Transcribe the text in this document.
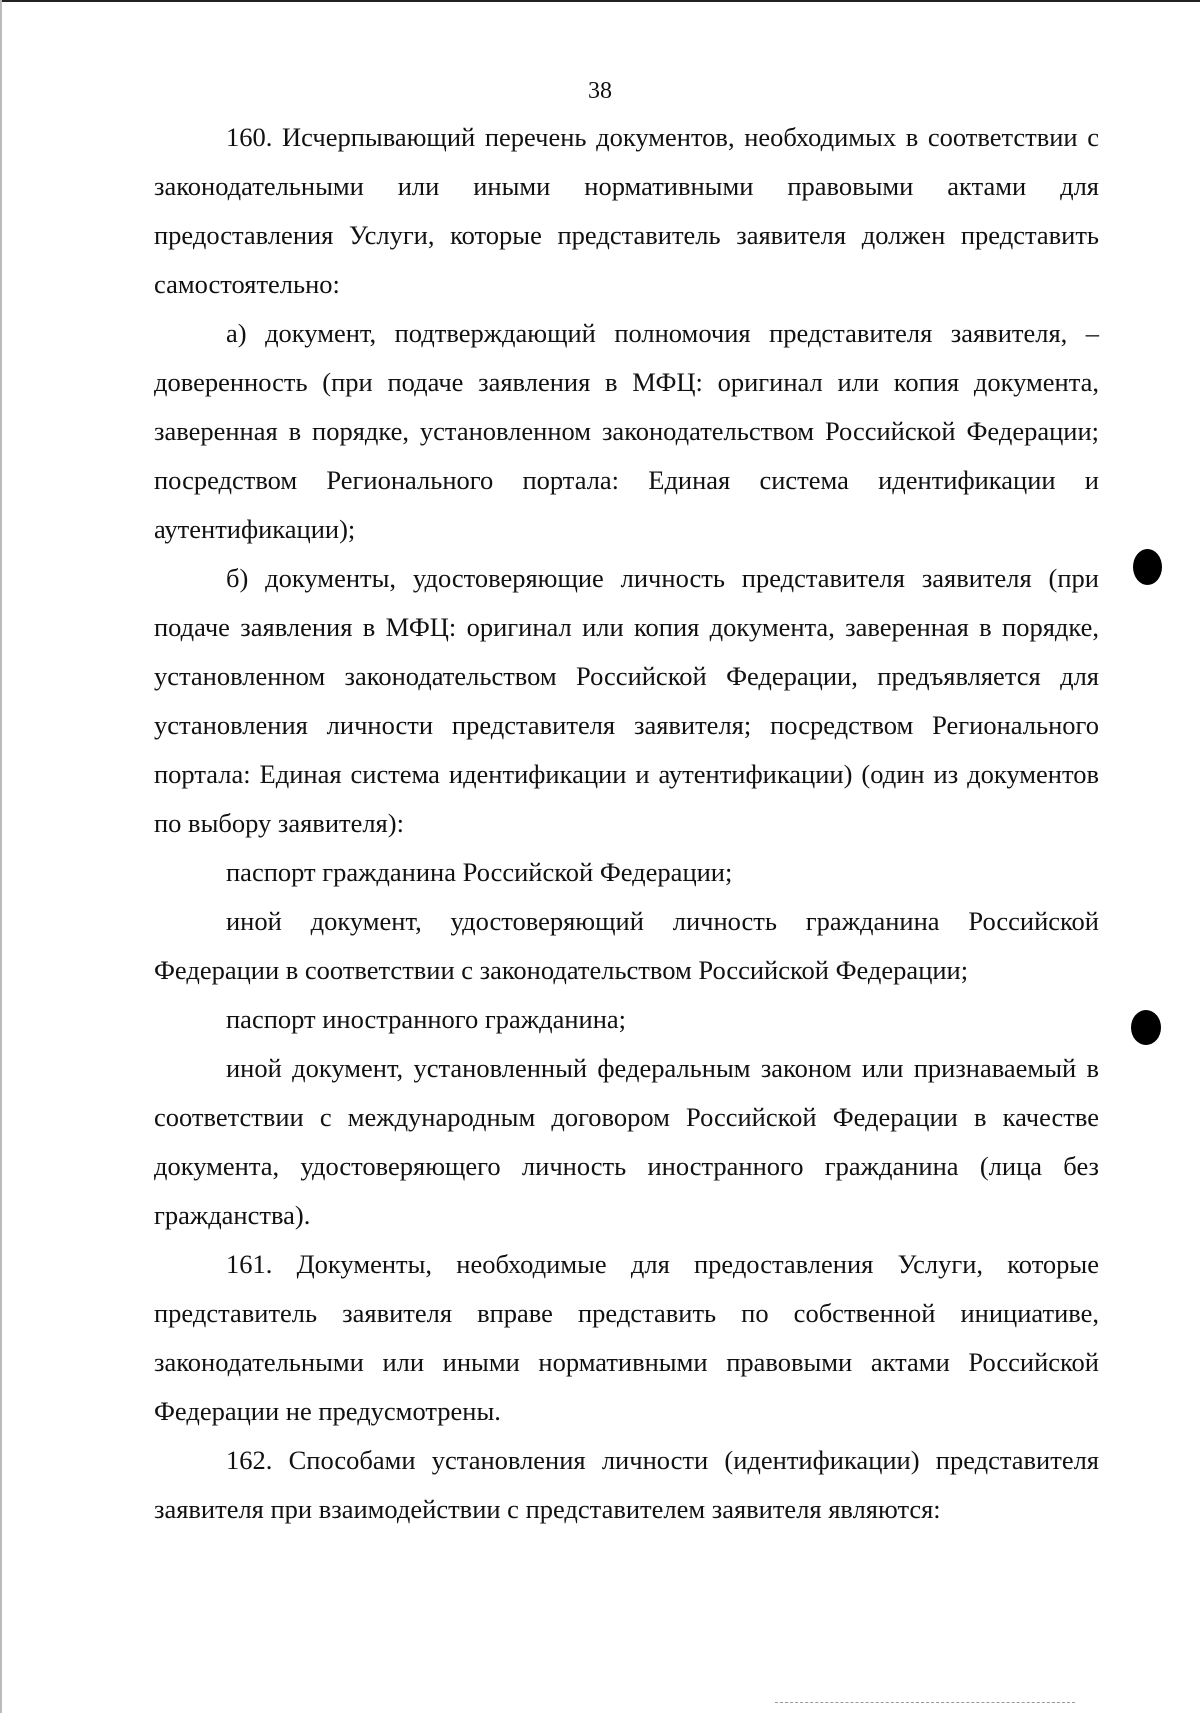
38

160. Исчерпывающий перечень документов, необходимых в соответствии с законодательными или иными нормативными правовыми актами для предоставления Услуги, которые представитель заявителя должен представить самостоятельно:

а) документ, подтверждающий полномочия представителя заявителя, – доверенность (при подаче заявления в МФЦ: оригинал или копия документа, заверенная в порядке, установленном законодательством Российской Федерации; посредством Регионального портала: Единая система идентификации и аутентификации);

б) документы, удостоверяющие личность представителя заявителя (при подаче заявления в МФЦ: оригинал или копия документа, заверенная в порядке, установленном законодательством Российской Федерации, предъявляется для установления личности представителя заявителя; посредством Регионального портала: Единая система идентификации и аутентификации) (один из документов по выбору заявителя):

паспорт гражданина Российской Федерации;

иной документ, удостоверяющий личность гражданина Российской Федерации в соответствии с законодательством Российской Федерации;

паспорт иностранного гражданина;

иной документ, установленный федеральным законом или признаваемый в соответствии с международным договором Российской Федерации в качестве документа, удостоверяющего личность иностранного гражданина (лица без гражданства).

161. Документы, необходимые для предоставления Услуги, которые представитель заявителя вправе представить по собственной инициативе, законодательными или иными нормативными правовыми актами Российской Федерации не предусмотрены.

162. Способами установления личности (идентификации) представителя заявителя при взаимодействии с представителем заявителя являются:
